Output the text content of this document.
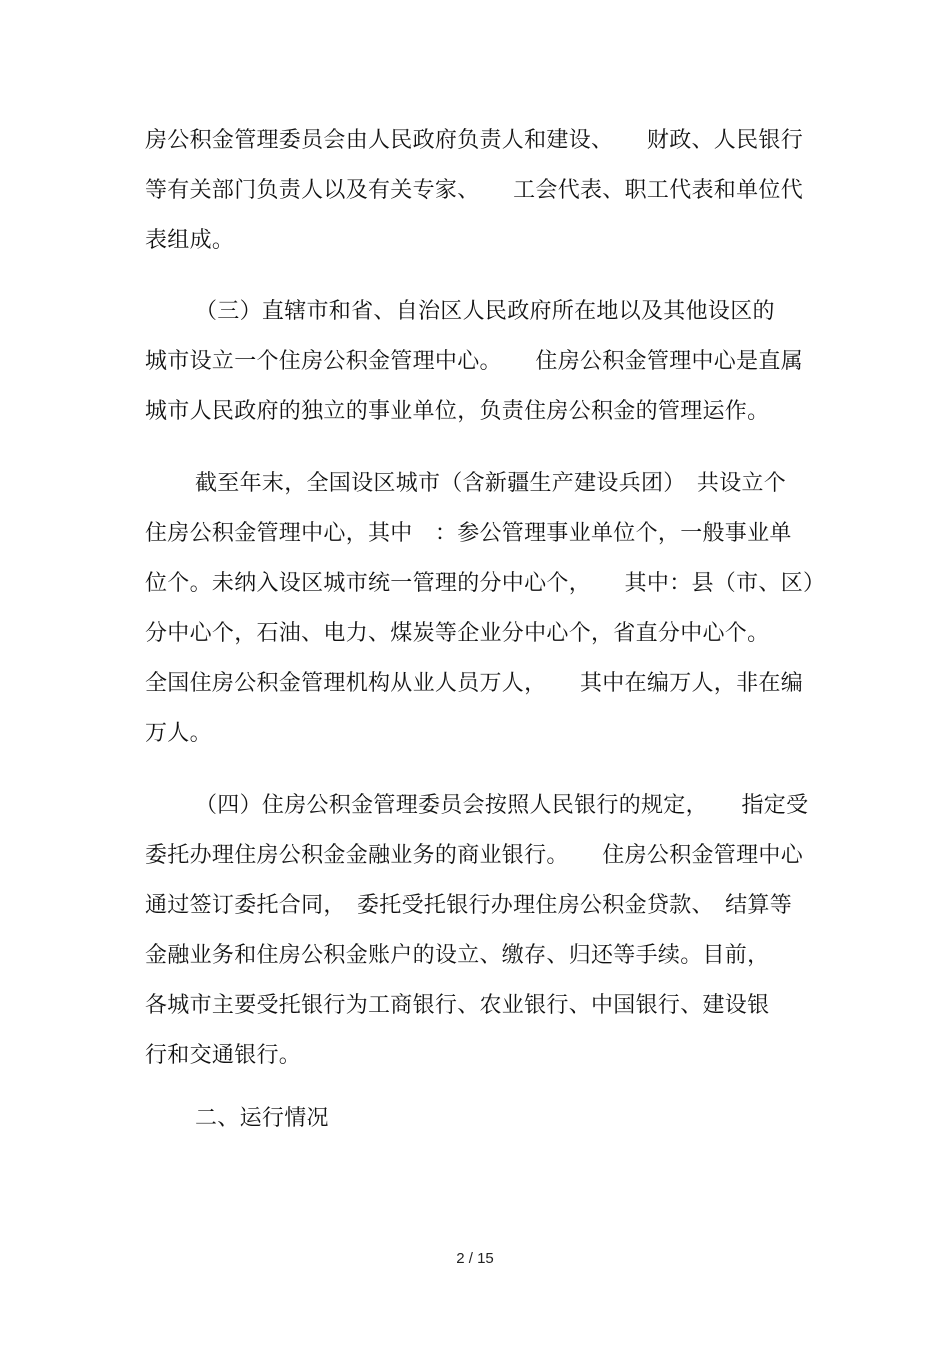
房公积金管理委员会由人民政府负责人和建设、　　财政、人民银行
等有关部门负责人以及有关专家、　　工会代表、职工代表和单位代
表组成。
（三）直辖市和省、自治区人民政府所在地以及其他设区的
城市设立一个住房公积金管理中心。　　住房公积金管理中心是直属
城市人民政府的独立的事业单位，负责住房公积金的管理运作。
截至年末，全国设区城市（含新疆生产建设兵团）　共设立个
住房公积金管理中心，其中　：参公管理事业单位个，一般事业单
位个。未纳入设区城市统一管理的分中心个，　　其中：县（市、区）
分中心个，石油、电力、煤炭等企业分中心个，省直分中心个。
全国住房公积金管理机构从业人员万人，　　其中在编万人，非在编
万人。
（四）住房公积金管理委员会按照人民银行的规定，　　指定受
委托办理住房公积金金融业务的商业银行。　　住房公积金管理中心
通过签订委托合同，　委托受托银行办理住房公积金贷款、　结算等
金融业务和住房公积金账户的设立、缴存、归还等手续。目前，
各城市主要受托银行为工商银行、农业银行、中国银行、建设银
行和交通银行。
二、运行情况
2 / 15
